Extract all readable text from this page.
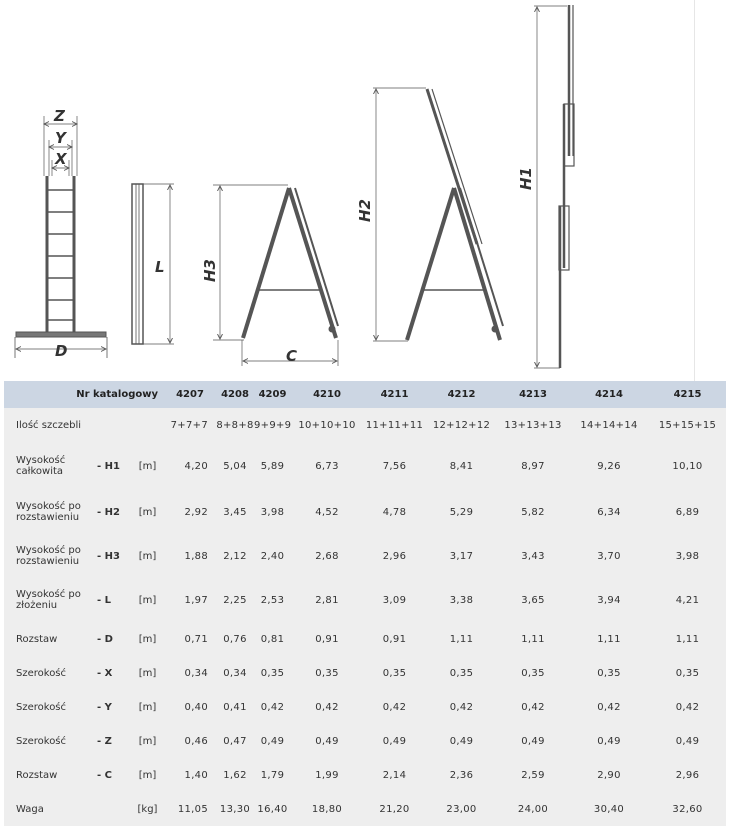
Z
Y
X
D
L H3
C
H2
H1
Nr katalogowy			4207	4208	4209	4210	4211	4212	4213	4214	4215
Ilość szczebli			7+7+7	8+8+8	9+9+9	10+10+10	11+11+11	12+12+12	13+13+13	14+14+14	15+15+15
Wysokość
całkowita	- H1	[m]	4,20	5,04	5,89	6,73	7,56	8,41	8,97	9,26	10,10
Wysokość po
rozstawieniu	- H2	[m]	2,92	3,45	3,98	4,52	4,78	5,29	5,82	6,34	6,89
Wysokość po
rozstawieniu	- H3	[m]	1,88	2,12	2,40	2,68	2,96	3,17	3,43	3,70	3,98
Wysokość po
złożeniu	- L	[m]	1,97	2,25	2,53	2,81	3,09	3,38	3,65	3,94	4,21
Rozstaw	- D	[m]	0,71	0,76	0,81	0,91	0,91	1,11	1,11	1,11	1,11
Szerokość	- X	[m]	0,34	0,34	0,35	0,35	0,35	0,35	0,35	0,35	0,35
Szerokość	- Y	[m]	0,40	0,41	0,42	0,42	0,42	0,42	0,42	0,42	0,42
Szerokość	- Z	[m]	0,46	0,47	0,49	0,49	0,49	0,49	0,49	0,49	0,49
Rozstaw	- C	[m]	1,40	1,62	1,79	1,99	2,14	2,36	2,59	2,90	2,96
Waga		[kg]	11,05	13,30	16,40	18,80	21,20	23,00	24,00	30,40	32,60
